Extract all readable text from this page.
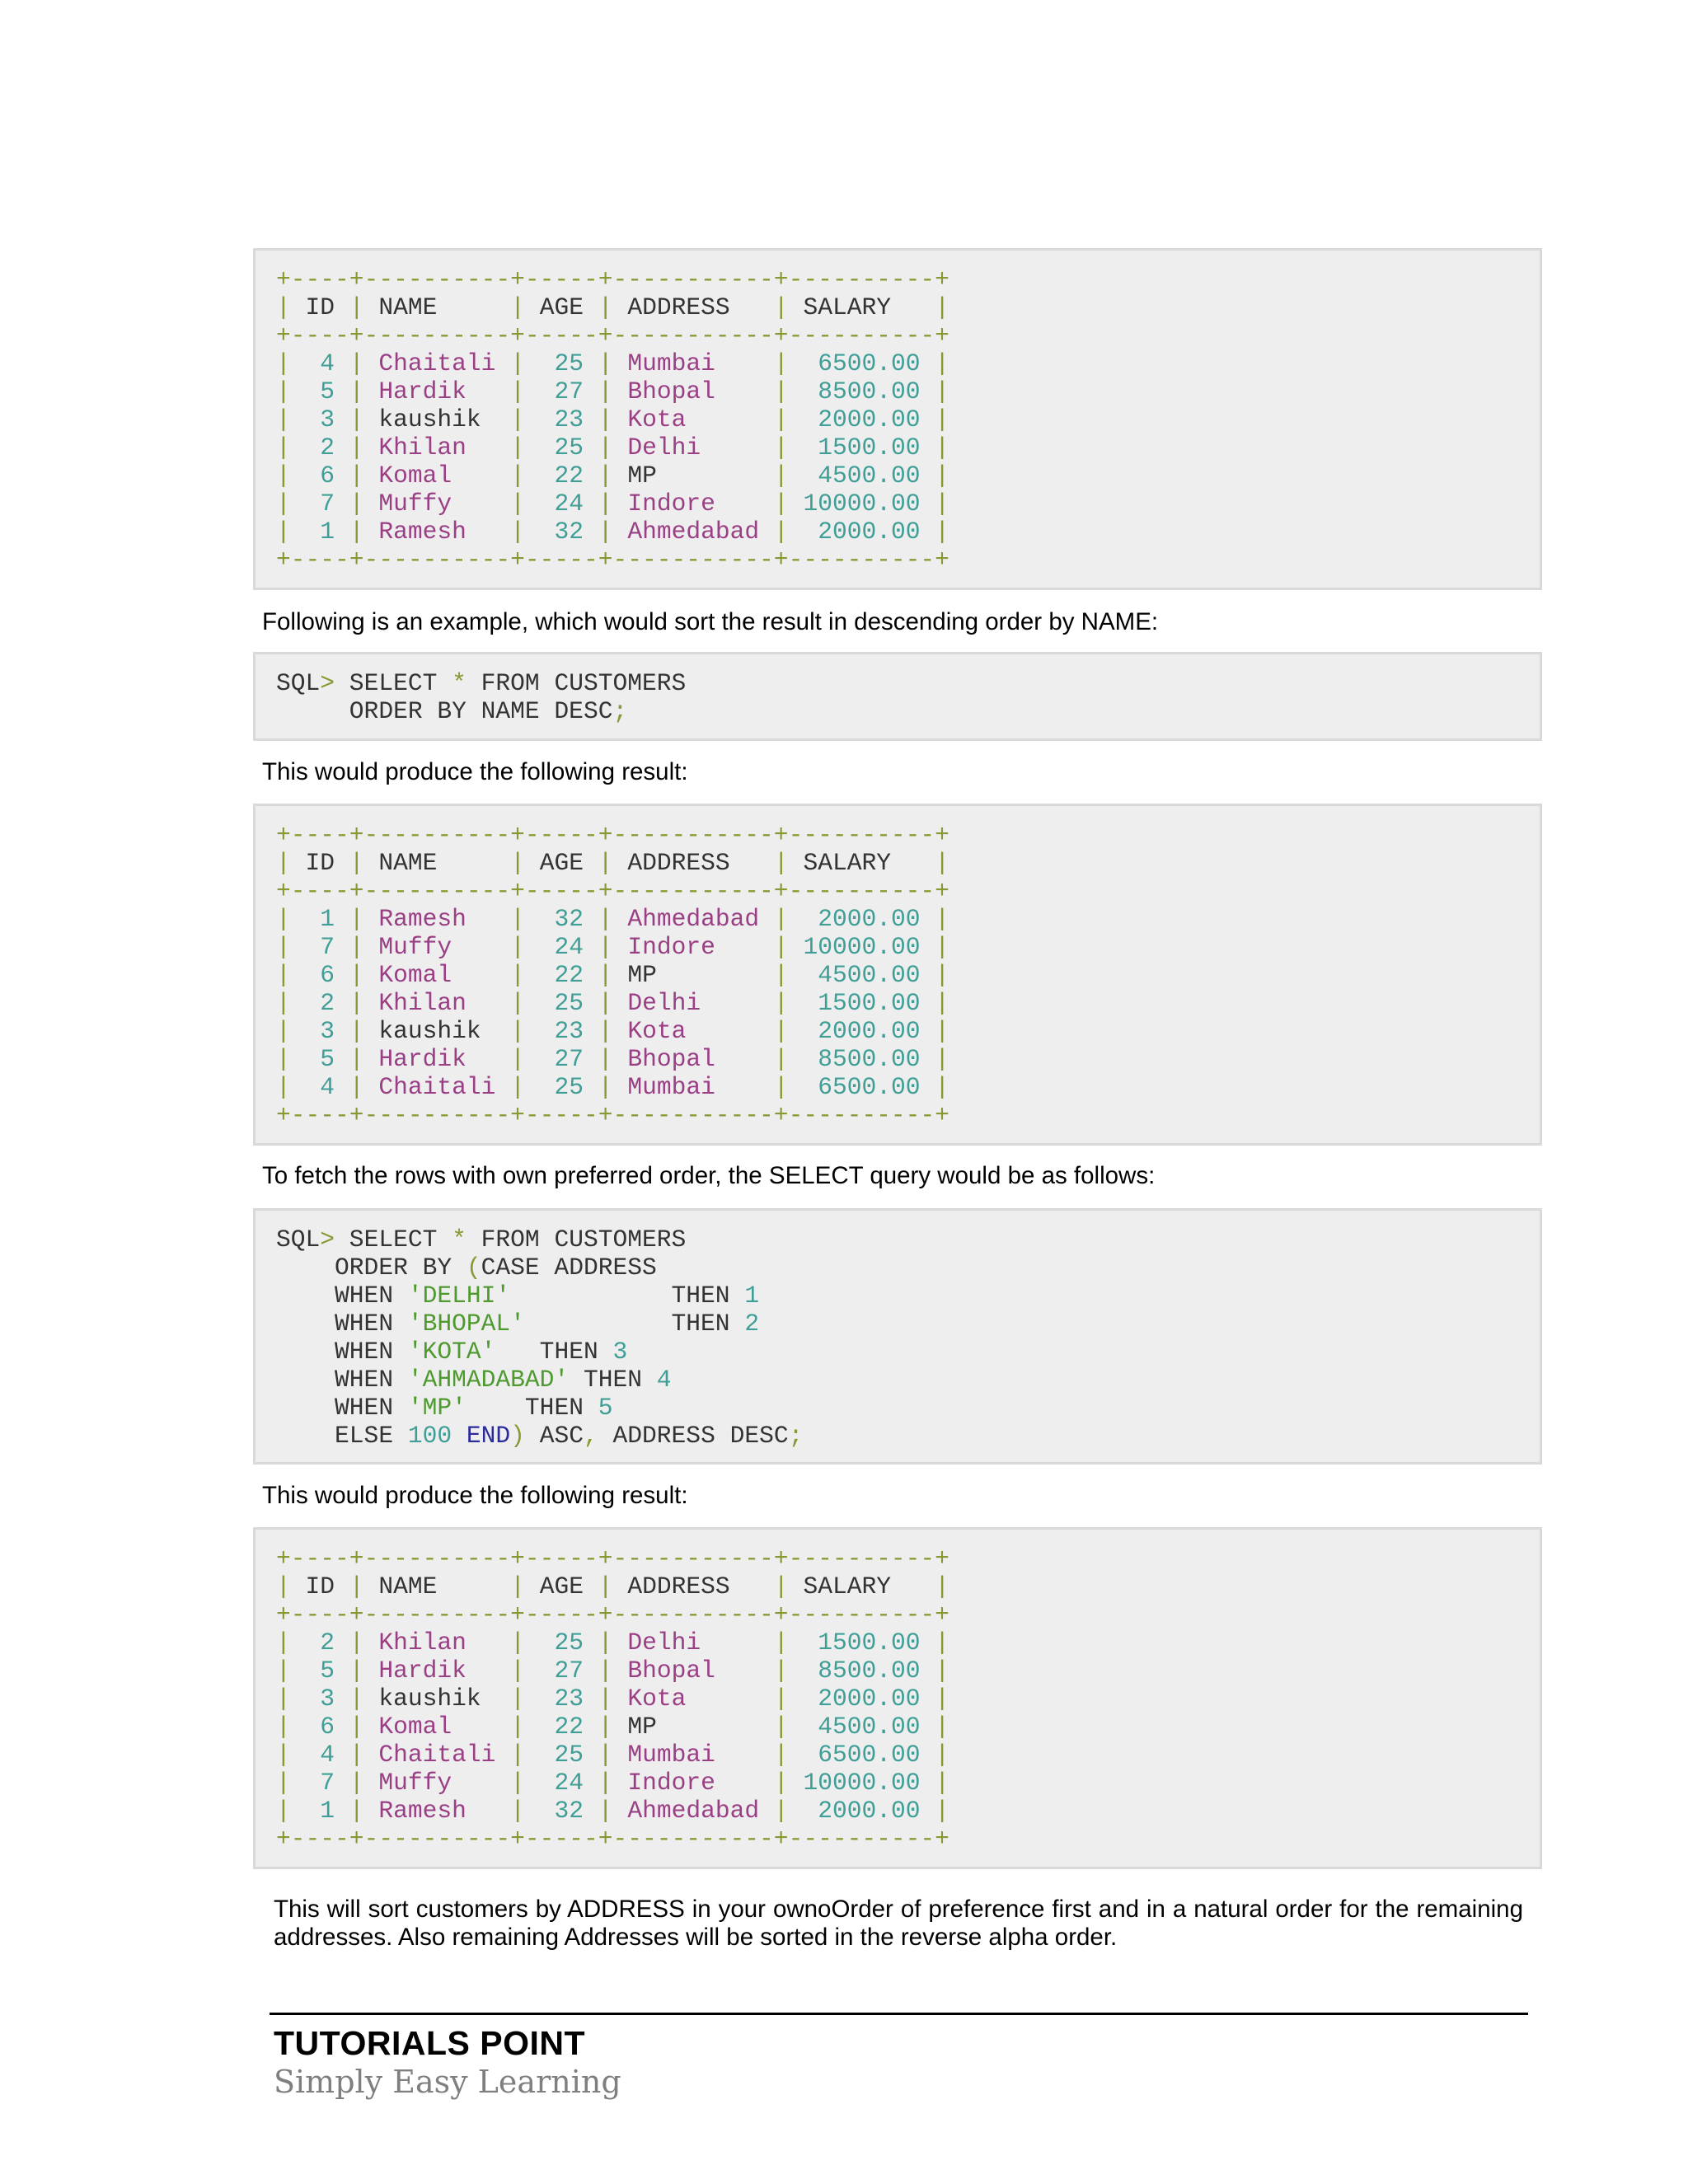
+----+----------+-----+-----------+----------+
| ID | NAME     | AGE | ADDRESS   | SALARY   |
+----+----------+-----+-----------+----------+
|  4 | Chaitali |  25 | Mumbai    |  6500.00 |
|  5 | Hardik   |  27 | Bhopal    |  8500.00 |
|  3 | kaushik  |  23 | Kota      |  2000.00 |
|  2 | Khilan   |  25 | Delhi     |  1500.00 |
|  6 | Komal    |  22 | MP        |  4500.00 |
|  7 | Muffy    |  24 | Indore    | 10000.00 |
|  1 | Ramesh   |  32 | Ahmedabad |  2000.00 |
+----+----------+-----+-----------+----------+

Following is an example, which would sort the result in descending order by NAME:

SQL> SELECT * FROM CUSTOMERS
ORDER BY NAME DESC;

This would produce the following result:

+----+----------+-----+-----------+----------+
| ID | NAME     | AGE | ADDRESS   | SALARY   |
+----+----------+-----+-----------+----------+
|  1 | Ramesh   |  32 | Ahmedabad |  2000.00 |
|  7 | Muffy    |  24 | Indore    | 10000.00 |
|  6 | Komal    |  22 | MP        |  4500.00 |
|  2 | Khilan   |  25 | Delhi     |  1500.00 |
|  3 | kaushik  |  23 | Kota      |  2000.00 |
|  5 | Hardik   |  27 | Bhopal    |  8500.00 |
|  4 | Chaitali |  25 | Mumbai    |  6500.00 |
+----+----------+-----+-----------+----------+

To fetch the rows with own preferred order, the SELECT query would be as follows:

SQL> SELECT * FROM CUSTOMERS
ORDER BY (CASE ADDRESS
WHEN 'DELHI'           THEN 1
WHEN 'BHOPAL'          THEN 2
WHEN 'KOTA'   THEN 3
WHEN 'AHMADABAD' THEN 4
WHEN 'MP'    THEN 5
ELSE 100 END) ASC, ADDRESS DESC;

This would produce the following result:

+----+----------+-----+-----------+----------+
| ID | NAME     | AGE | ADDRESS   | SALARY   |
+----+----------+-----+-----------+----------+
|  2 | Khilan   |  25 | Delhi     |  1500.00 |
|  5 | Hardik   |  27 | Bhopal    |  8500.00 |
|  3 | kaushik  |  23 | Kota      |  2000.00 |
|  6 | Komal    |  22 | MP        |  4500.00 |
|  4 | Chaitali |  25 | Mumbai    |  6500.00 |
|  7 | Muffy    |  24 | Indore    | 10000.00 |
|  1 | Ramesh   |  32 | Ahmedabad |  2000.00 |
+----+----------+-----+-----------+----------+

This will sort customers by ADDRESS in your ownoOrder of preference first and in a natural order for the remaining addresses. Also remaining Addresses will be sorted in the reverse alpha order.

TUTORIALS POINT
Simply Easy Learning
